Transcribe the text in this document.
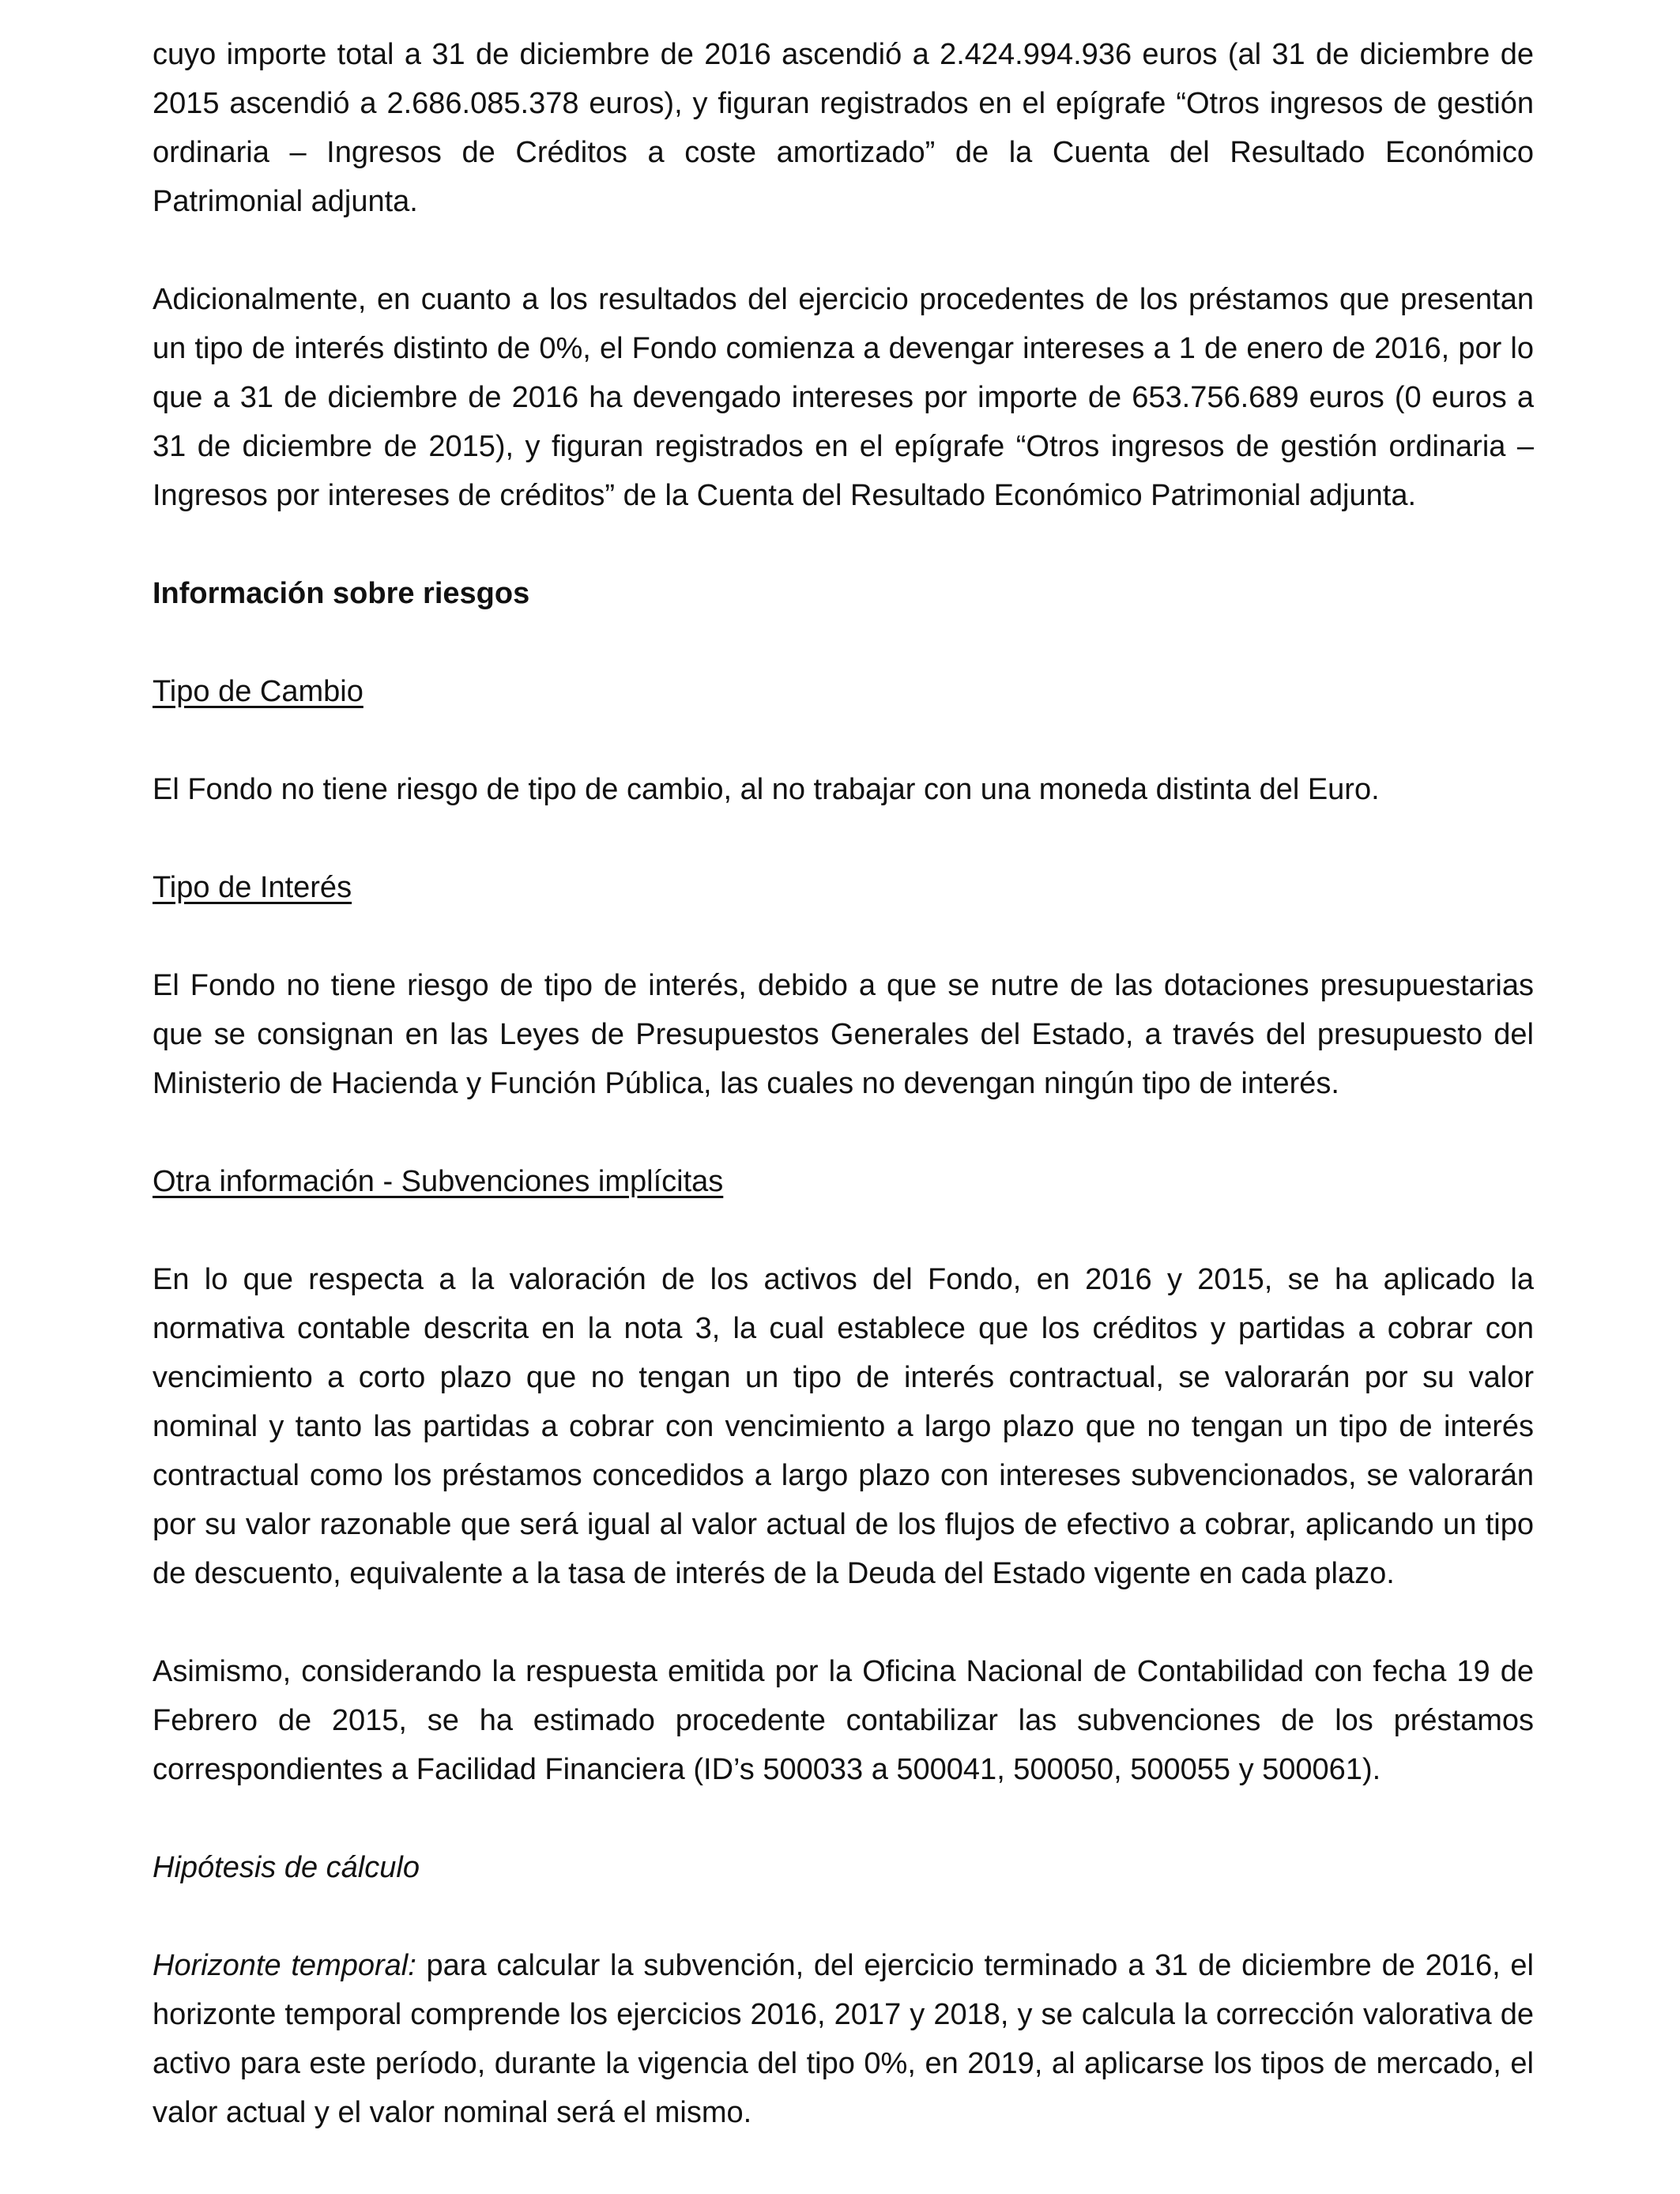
cuyo importe total a 31 de diciembre de 2016 ascendió a 2.424.994.936 euros (al 31 de diciembre de 2015 ascendió a 2.686.085.378 euros), y figuran registrados en el epígrafe “Otros ingresos de gestión ordinaria – Ingresos de Créditos a coste amortizado” de la Cuenta del Resultado Económico Patrimonial adjunta.

Adicionalmente, en cuanto a los resultados del ejercicio procedentes de los préstamos que presentan un tipo de interés distinto de 0%, el Fondo comienza a devengar intereses a 1 de enero de 2016, por lo que a 31 de diciembre de 2016 ha devengado intereses por importe de 653.756.689 euros (0 euros a 31 de diciembre de 2015), y figuran registrados en el epígrafe “Otros ingresos de gestión ordinaria – Ingresos por intereses de créditos” de la Cuenta del Resultado Económico Patrimonial adjunta.

Información sobre riesgos

Tipo de Cambio

El Fondo no tiene riesgo de tipo de cambio, al no trabajar con una moneda distinta del Euro.

Tipo de Interés

El Fondo no tiene riesgo de tipo de interés, debido a que se nutre de las dotaciones presupuestarias que se consignan en las Leyes de Presupuestos Generales del Estado, a través del presupuesto del Ministerio de Hacienda y Función Pública, las cuales no devengan ningún tipo de interés.

Otra información - Subvenciones implícitas

En lo que respecta a la valoración de los activos del Fondo, en 2016 y 2015, se ha aplicado la normativa contable descrita en la nota 3, la cual establece que los créditos y partidas a cobrar con vencimiento a corto plazo que no tengan un tipo de interés contractual, se valorarán por su valor nominal y tanto las partidas a cobrar con vencimiento a largo plazo que no tengan un tipo de interés contractual como los préstamos concedidos a largo plazo con intereses subvencionados, se valorarán por su valor razonable que será igual al valor actual de los flujos de efectivo a cobrar, aplicando un tipo de descuento, equivalente a la tasa de interés de la Deuda del Estado vigente en cada plazo.

Asimismo, considerando la respuesta emitida por la Oficina Nacional de Contabilidad con fecha 19 de Febrero de 2015, se ha estimado procedente contabilizar las subvenciones de los préstamos correspondientes a Facilidad Financiera (ID’s 500033 a 500041, 500050, 500055 y 500061).

Hipótesis de cálculo

Horizonte temporal: para calcular la subvención, del ejercicio terminado a 31 de diciembre de 2016, el horizonte temporal comprende los ejercicios 2016, 2017 y 2018, y se calcula la corrección valorativa de activo para este período, durante la vigencia del tipo 0%, en 2019, al aplicarse los tipos de mercado, el valor actual y el valor nominal será el mismo.
